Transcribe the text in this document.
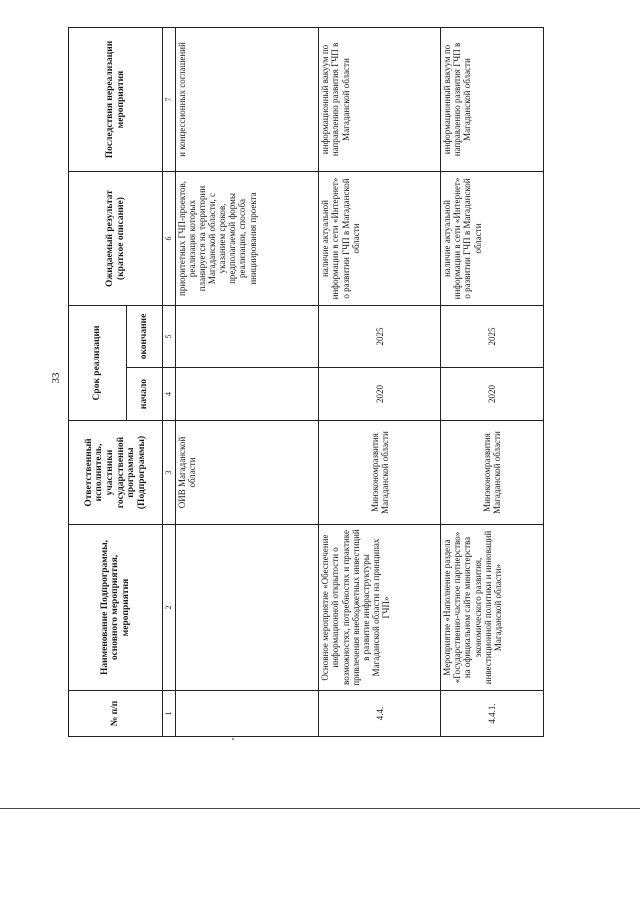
33
№ п/п	Наименование Подпрограммы, основного мероприятия, мероприятия	Ответственный исполнитель, участники государственной программы (Подпрограммы)	Срок реализации		Ожидаемый результат (краткое описание)	Последствия нереализации мероприятия
			начало	окончание		
1	2	3	4	5	6	7
		ОИВ Магаданской области			приоритетных ГЧП-проектов, реализация которых планируется на территории Магаданской области, с указанием сроков, предполагаемой формы реализации, способа инициирования проекта	и концессионных соглашений
4.4.	Основное мероприятие «Обеспечение информационной открытости о возможностях, потребностях и практике привлечения внебюджетных инвестиций в развитие инфраструктуры Магаданской области на принципах ГЧП»	Минэкономразвития Магаданской области	2020	2025	наличие актуальной информации в сети «Интернет» о развитии ГЧП в Магаданской области	информационный вакуум по направлению развития ГЧП в Магаданской области
4.4.1.	Мероприятие «Наполнение раздела «Государственно-частное партнерство» на официальном сайте министерства экономического развития, инвестиционной политики и инноваций Магаданской области»	Минэкономразвития Магаданской области	2020	2025	наличие актуальной информации в сети «Интернет» о развитии ГЧП в Магаданской области	информационный вакуум по направлению развития ГЧП в Магаданской области
